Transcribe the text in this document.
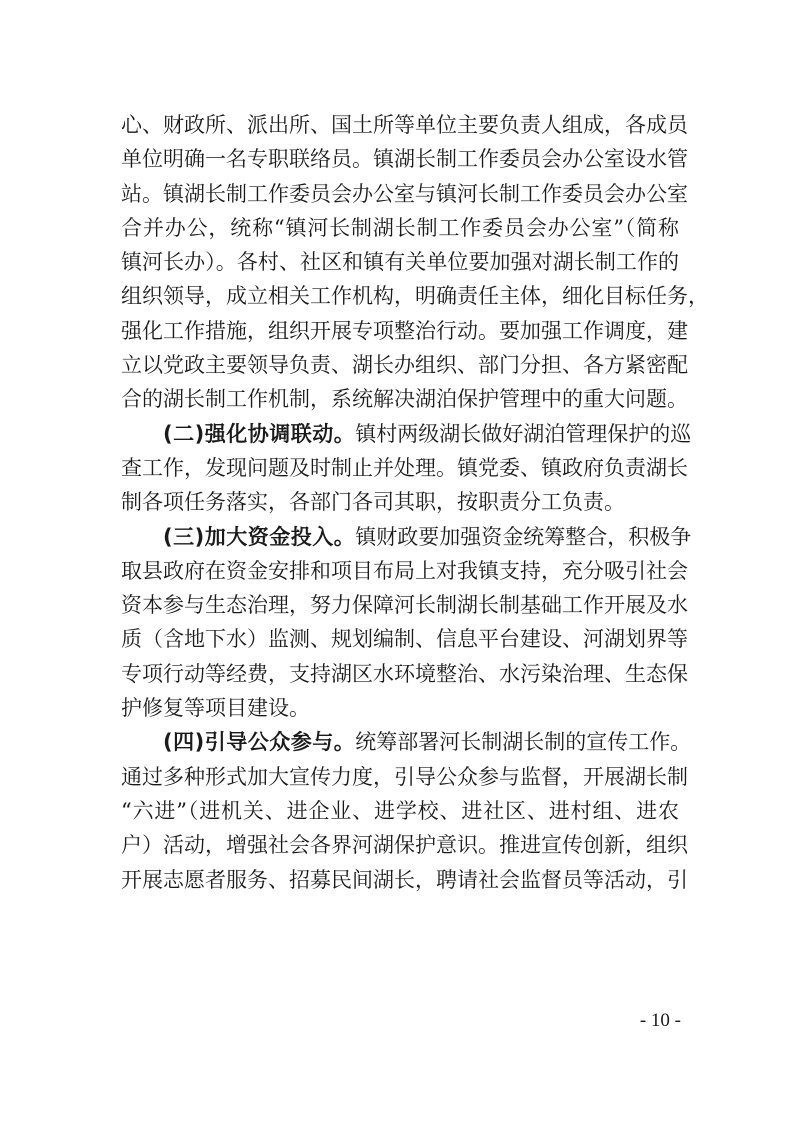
心、财政所、派出所、国土所等单位主要负责人组成，各成员
单位明确一名专职联络员。镇湖长制工作委员会办公室设水管
站。镇湖长制工作委员会办公室与镇河长制工作委员会办公室
合并办公，统称“镇河长制湖长制工作委员会办公室”（简称
镇河长办）。各村、社区和镇有关单位要加强对湖长制工作的
组织领导，成立相关工作机构，明确责任主体，细化目标任务，
强化工作措施，组织开展专项整治行动。要加强工作调度，建
立以党政主要领导负责、湖长办组织、部门分担、各方紧密配
合的湖长制工作机制，系统解决湖泊保护管理中的重大问题。
(二)强化协调联动。镇村两级湖长做好湖泊管理保护的巡
查工作，发现问题及时制止并处理。镇党委、镇政府负责湖长
制各项任务落实，各部门各司其职，按职责分工负责。
(三)加大资金投入。镇财政要加强资金统筹整合，积极争
取县政府在资金安排和项目布局上对我镇支持，充分吸引社会
资本参与生态治理，努力保障河长制湖长制基础工作开展及水
质（含地下水）监测、规划编制、信息平台建设、河湖划界等
专项行动等经费，支持湖区水环境整治、水污染治理、生态保
护修复等项目建设。
(四)引导公众参与。统筹部署河长制湖长制的宣传工作。
通过多种形式加大宣传力度，引导公众参与监督，开展湖长制
“六进”（进机关、进企业、进学校、进社区、进村组、进农
户）活动，增强社会各界河湖保护意识。推进宣传创新，组织
开展志愿者服务、招募民间湖长，聘请社会监督员等活动，引
- 10 -
